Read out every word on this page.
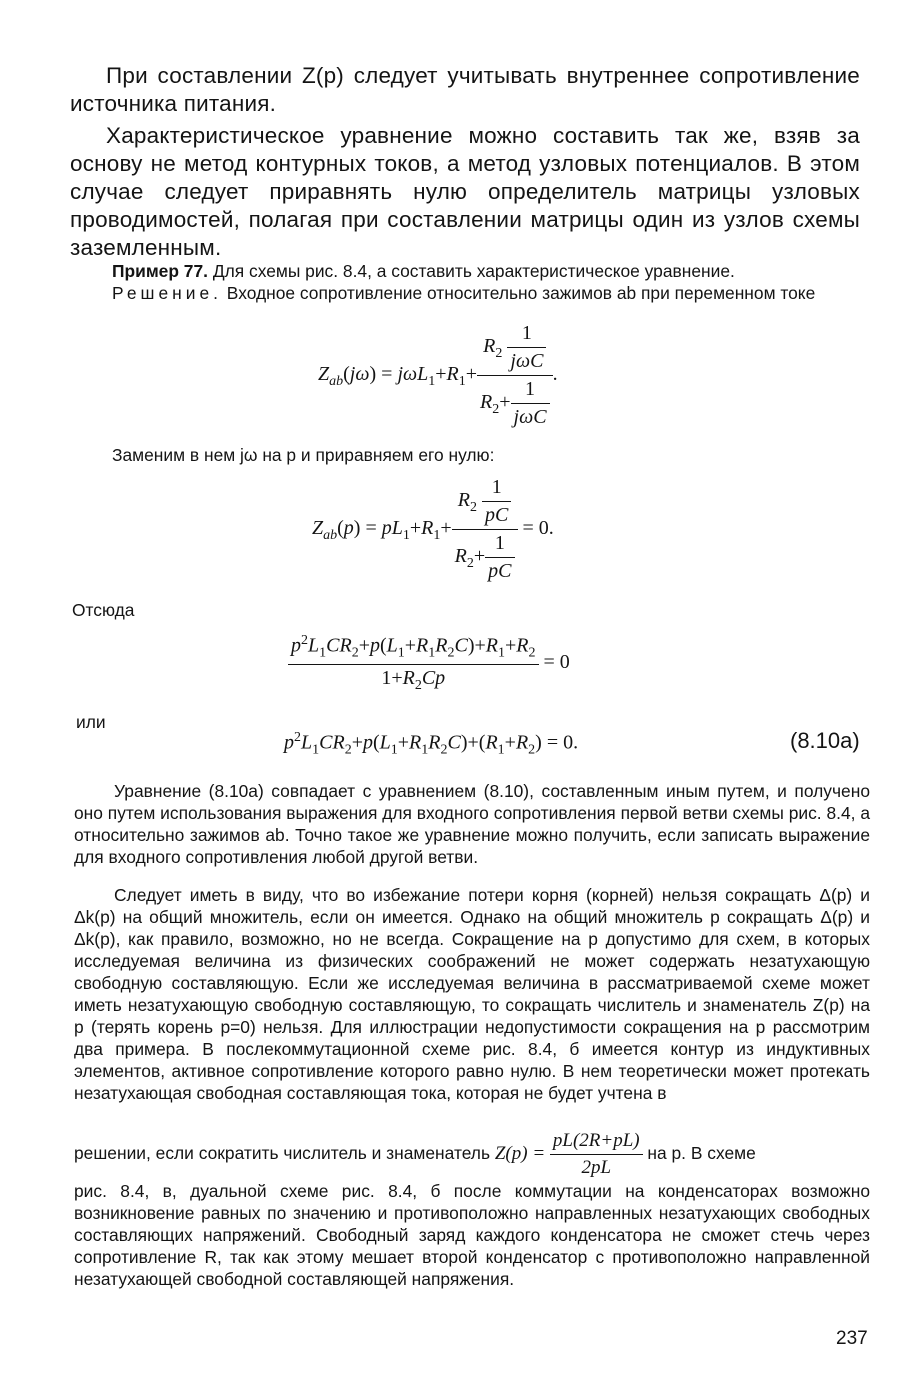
При составлении Z(p) следует учитывать внутреннее сопротивление источника питания.

Характеристическое уравнение можно составить так же, взяв за основу не метод контурных токов, а метод узловых потенциалов. В этом случае следует приравнять нулю определитель матрицы узловых проводимостей, полагая при составлении матрицы один из узлов схемы заземленным.

Пример 77. Для схемы рис. 8.4, а составить характеристическое уравнение.

Решение. Входное сопротивление относительно зажимов ab при переменном токе

$Z_{ab}(j\omega) = j\omega L_1+R_1+ \frac{R_2 \frac{1}{\text{jωC}}}{R_2+ \frac{1}{\text{jωC}}}$ .

Заменим в нем jω на p и приравняем его нулю:

$Z_{ab}(p) = pL_1+R_1+ \frac{R_2 \frac{1}{pC}}{R_2+ \frac{1}{pC}} = 0$.

Отсюда

$\frac{p^2L_1CR_2+p(L_1+R_1R_2C)+R_1+R_2}{1+R_2Cp} = 0$

или

$p^2L_1CR_2+p(L_1+R_1R_2C)+(R_1+R_2) = 0$.	(8.10a)

Уравнение (8.10a) совпадает с уравнением (8.10), составленным иным путем, и получено оно путем использования выражения для входного сопротивления первой ветви схемы рис. 8.4, а относительно зажимов ab. Точно такое же уравнение можно получить, если записать выражение для входного сопротивления любой другой ветви.

Следует иметь в виду, что во избежание потери корня (корней) нельзя сокращать Δ(p) и Δk(p) на общий множитель, если он имеется. Однако на общий множитель p сокращать Δ(p) и Δk(p), как правило, возможно, но не всегда. Сокращение на p допустимо для схем, в которых исследуемая величина из физических соображений не может содержать незатухающую свободную составляющую. Если же исследуемая величина в рассматриваемой схеме может иметь незатухающую свободную составляющую, то сокращать числитель и знаменатель Z(p) на p (терять корень p=0) нельзя. Для иллюстрации недопустимости сокращения на p рассмотрим два примера. В послекоммутационной схеме рис. 8.4, б имеется контур из индуктивных элементов, активное сопротивление которого равно нулю. В нем теоретически может протекать незатухающая свободная составляющая тока, которая не будет учтена в

решении, если сократить числитель и знаменатель $Z(p) = \frac{pL(2R+pL)}{2pL}$ на p. В схеме

рис. 8.4, в, дуальной схеме рис. 8.4, б после коммутации на конденсаторах возможно возникновение равных по значению и противоположно направленных незатухающих свободных составляющих напряжений. Свободный заряд каждого конденсатора не сможет стечь через сопротивление R, так как этому мешает второй конденсатор с противоположно направленной незатухающей свободной составляющей напряжения.

237
